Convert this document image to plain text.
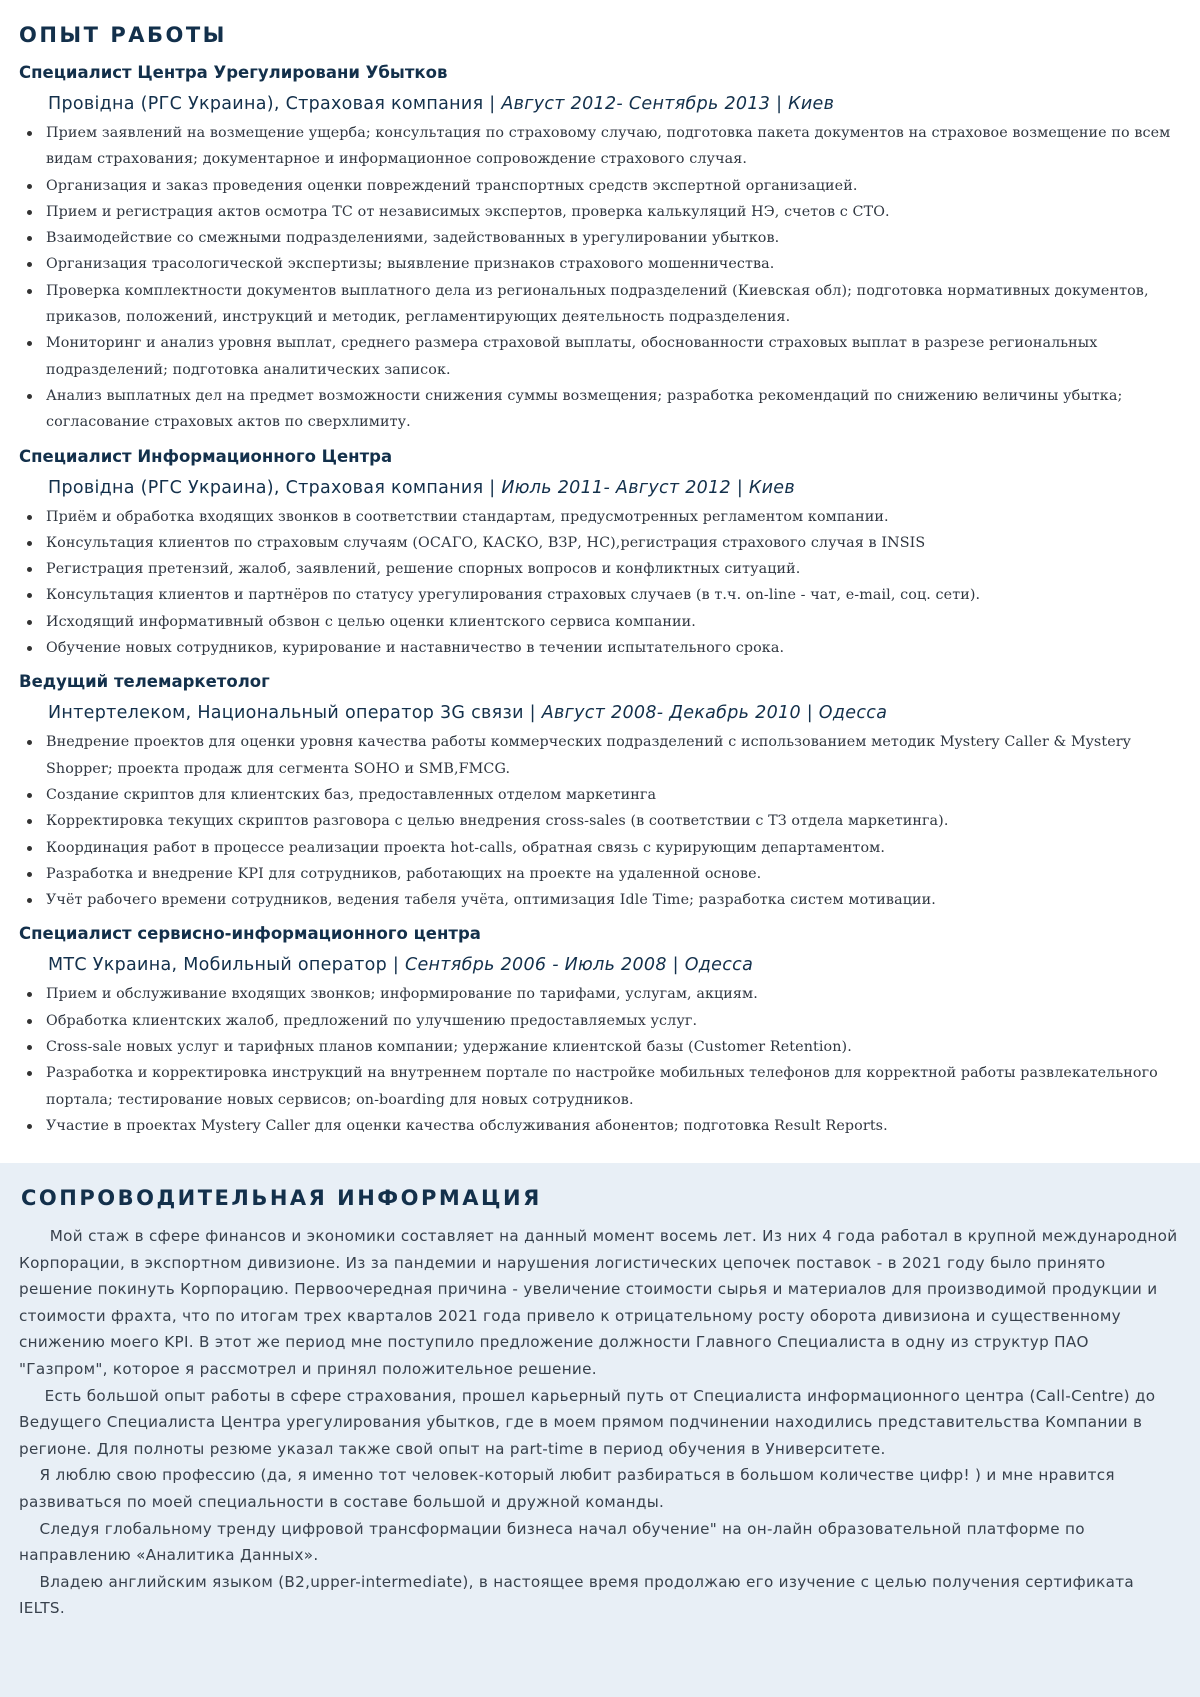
ОПЫТ РАБОТЫ
Специалист Центра Урегулировани Убытков
Провідна (РГС Украина), Страховая компания | Август 2012- Сентябрь 2013 | Киев
Прием заявлений на возмещение ущерба; консультация по страховому случаю, подготовка пакета документов на страховое возмещение по всем видам страхования; документарное и информационное сопровождение страхового случая.
Организация и заказ проведения оценки повреждений транспортных средств экспертной организацией.
Прием и регистрация актов осмотра ТС от независимых экспертов, проверка калькуляций НЭ, счетов с СТО.
Взаимодействие со смежными подразделениями, задействованных в урегулировании убытков.
Организация трасологической экспертизы; выявление признаков страхового мошенничества.
Проверка комплектности документов выплатного дела из региональных подразделений (Киевская обл); подготовка нормативных документов, приказов, положений, инструкций и методик, регламентирующих деятельность подразделения.
Мониторинг и анализ уровня выплат, среднего размера страховой выплаты, обоснованности страховых выплат в разрезе региональных подразделений; подготовка аналитических записок.
Анализ выплатных дел на предмет возможности снижения суммы возмещения; разработка рекомендаций по снижению величины убытка; согласование страховых актов по сверхлимиту.
Специалист Информационного Центра
Провідна (РГС Украина), Страховая компания | Июль 2011- Август 2012 | Киев
Приём и обработка входящих звонков в соответствии стандартам, предусмотренных регламентом компании.
Консультация клиентов по страховым случаям (ОСАГО, КАСКО, ВЗР, НС),регистрация страхового случая в INSIS
Регистрация претензий, жалоб, заявлений, решение спорных вопросов и конфликтных ситуаций.
Консультация клиентов и партнёров по статусу урегулирования страховых случаев (в т.ч. on-line - чат, e-mail, соц. сети).
Исходящий информативный обзвон с целью оценки клиентского сервиса компании.
Обучение новых сотрудников, курирование и наставничество в течении испытательного срока.
Ведущий телемаркетолог
Интертелеком, Национальный оператор 3G связи | Август 2008- Декабрь 2010 | Одесса
Внедрение проектов для оценки уровня качества работы коммерческих подразделений с использованием методик Mystery Caller & Mystery Shopper; проекта продаж для сегмента SOHO и SMB,FMCG.
Создание скриптов для клиентских баз, предоставленных отделом маркетинга
Корректировка текущих скриптов разговора с целью внедрения cross-sales (в соответствии с ТЗ отдела маркетинга).
Координация работ в процессе реализации проекта hot-calls, обратная связь с курирующим департаментом.
Разработка и внедрение KPI для сотрудников, работающих на проекте на удаленной основе.
Учёт рабочего времени сотрудников, ведения табеля учёта, оптимизация Idle Time; разработка систем мотивации.
Специалист сервисно-информационного центра
МТС Украина, Мобильный оператор | Сентябрь 2006 - Июль 2008 | Одесса
Прием и обслуживание входящих звонков; информирование по тарифами, услугам, акциям.
Обработка клиентских жалоб, предложений по улучшению предоставляемых услуг.
Cross-sale новых услуг и тарифных планов компании; удержание клиентской базы (Customer Retention).
Разработка и корректировка инструкций на внутреннем портале по настройке мобильных телефонов для корректной работы развлекательного портала; тестирование новых сервисов; on-boarding для новых сотрудников.
Участие в проектах Mystery Caller для оценки качества обслуживания абонентов; подготовка Result Reports.
СОПРОВОДИТЕЛЬНАЯ ИНФОРМАЦИЯ

Мой стаж в сфере финансов и экономики составляет на данный момент восемь лет. Из них 4 года работал в крупной международной Корпорации, в экспортном дивизионе. Из за пандемии и нарушения логистических цепочек поставок - в 2021 году было принято решение покинуть Корпорацию. Первоочередная причина - увеличение стоимости сырья и материалов для производимой продукции и стоимости фрахта, что по итогам трех кварталов 2021 года привело к отрицательному росту оборота дивизиона и существенному снижению моего KPI. В этот же период мне поступило предложение должности Главного Специалиста в одну из структур ПАО "Газпром", которое я рассмотрел и принял положительное решение.

Есть большой опыт работы в сфере страхования, прошел карьерный путь от Специалиста информационного центра (Call-Centre) до Ведущего Специалиста Центра урегулирования убытков, где в моем прямом подчинении находились представительства Компании в регионе. Для полноты резюме указал также свой опыт на part-time в период обучения в Университете.

Я люблю свою профессию (да, я именно тот человек-который любит разбираться в большом количестве цифр! ) и мне нравится развиваться по моей специальности в составе большой и дружной команды.

Следуя глобальному тренду цифровой трансформации бизнеса начал обучение" на он-лайн образовательной платформе по направлению «Аналитика Данных».

Владею английским языком (B2,upper-intermediate), в настоящее время продолжаю его изучение с целью получения сертификата IELTS.
